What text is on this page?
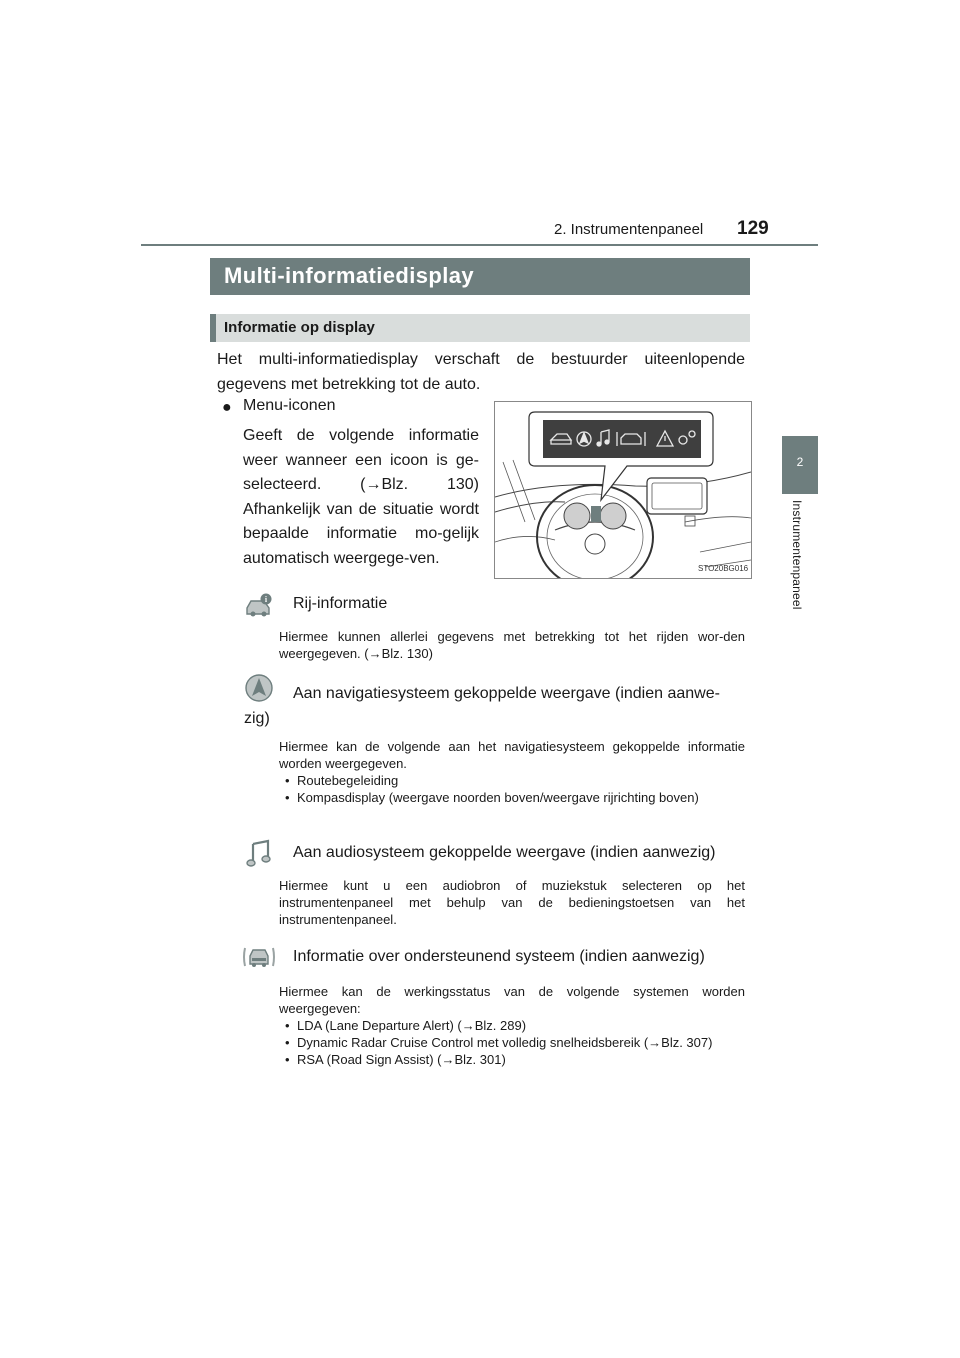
2. Instrumentenpaneel 129
2
Instrumentenpaneel
Multi-informatiedisplay
Informatie op display
Het multi-informatiedisplay verschaft de bestuurder uiteenlopende gegevens met betrekking tot de auto.
● Menu-iconen
Geeft de volgende informatie weer wanneer een icoon is ge-selecteerd. (→Blz. 130) Afhankelijk van de situatie wordt bepaalde informatie mo-gelijk automatisch weergege-ven.
STO20BG016
i Rij-informatie
Hiermee kunnen allerlei gegevens met betrekking tot het rijden wor-den weergegeven. (→Blz. 130)
Aan navigatiesysteem gekoppelde weergave (indien aanwe-
zig)
Hiermee kan de volgende aan het navigatiesysteem gekoppelde informatie worden weergegeven.
• Routebegeleiding
• Kompasdisplay (weergave noorden boven/weergave rijrichting boven)
Aan audiosysteem gekoppelde weergave (indien aanwezig)
Hiermee kunt u een audiobron of muziekstuk selecteren op het instrumentenpaneel met behulp van de bedieningstoetsen van het instrumentenpaneel.
Informatie over ondersteunend systeem (indien aanwezig)
Hiermee kan de werkingsstatus van de volgende systemen worden weergegeven:
• LDA (Lane Departure Alert) (→Blz. 289)
• Dynamic Radar Cruise Control met volledig snelheidsbereik (→Blz. 307)
• RSA (Road Sign Assist) (→Blz. 301)
